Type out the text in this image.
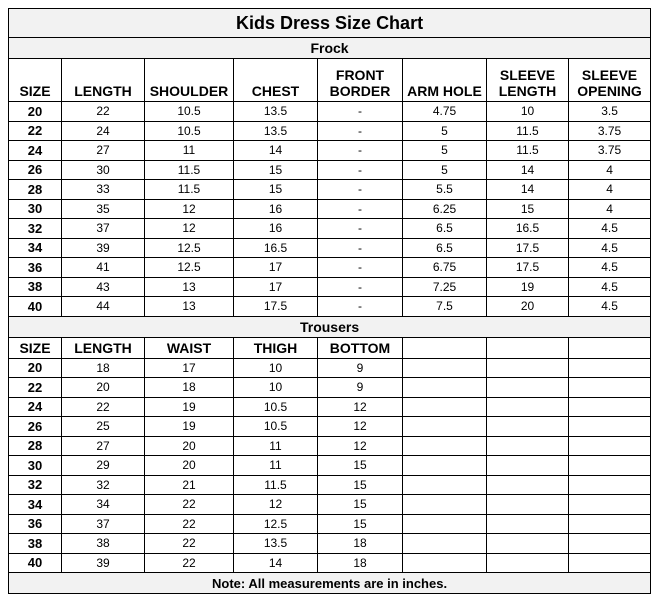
Kids Dress Size Chart							
Frock							
SIZE	LENGTH	SHOULDER	CHEST	FRONT BORDER	ARM HOLE	SLEEVE LENGTH	SLEEVE OPENING
20	22	10.5	13.5	-	4.75	10	3.5
22	24	10.5	13.5	-	5	11.5	3.75
24	27	11	14	-	5	11.5	3.75
26	30	11.5	15	-	5	14	4
28	33	11.5	15	-	5.5	14	4
30	35	12	16	-	6.25	15	4
32	37	12	16	-	6.5	16.5	4.5
34	39	12.5	16.5	-	6.5	17.5	4.5
36	41	12.5	17	-	6.75	17.5	4.5
38	43	13	17	-	7.25	19	4.5
40	44	13	17.5	-	7.5	20	4.5
Trousers							
SIZE	LENGTH	WAIST	THIGH	BOTTOM			
20	18	17	10	9			
22	20	18	10	9			
24	22	19	10.5	12			
26	25	19	10.5	12			
28	27	20	11	12			
30	29	20	11	15			
32	32	21	11.5	15			
34	34	22	12	15			
36	37	22	12.5	15			
38	38	22	13.5	18			
40	39	22	14	18			
Note: All measurements are in inches.							
